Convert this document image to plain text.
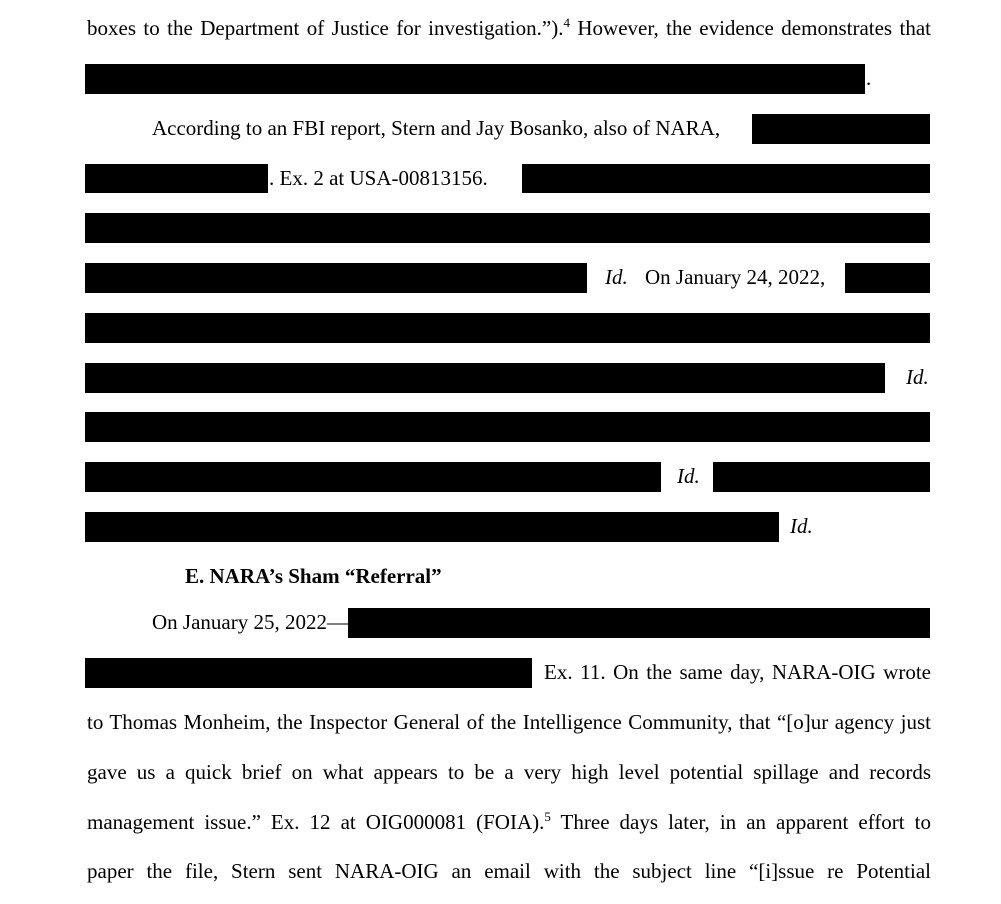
boxes to the Department of Justice for investigation.”).$^4$ However, the evidence demonstrates that
.
According to an FBI report, Stern and Jay Bosanko, also of NARA,
. Ex. 2 at USA-00813156.
Id. On January 24, 2022,
Id.
Id.
Id.
E. NARA’s Sham “Referral”
On January 25, 2022—
Ex. 11. On the same day, NARA-OIG wrote
to Thomas Monheim, the Inspector General of the Intelligence Community, that “[o]ur agency just
gave us a quick brief on what appears to be a very high level potential spillage and records
management issue.” Ex. 12 at OIG000081 (FOIA).$^5$ Three days later, in an apparent effort to
paper the file, Stern sent NARA-OIG an email with the subject line “[i]ssue re Potential
